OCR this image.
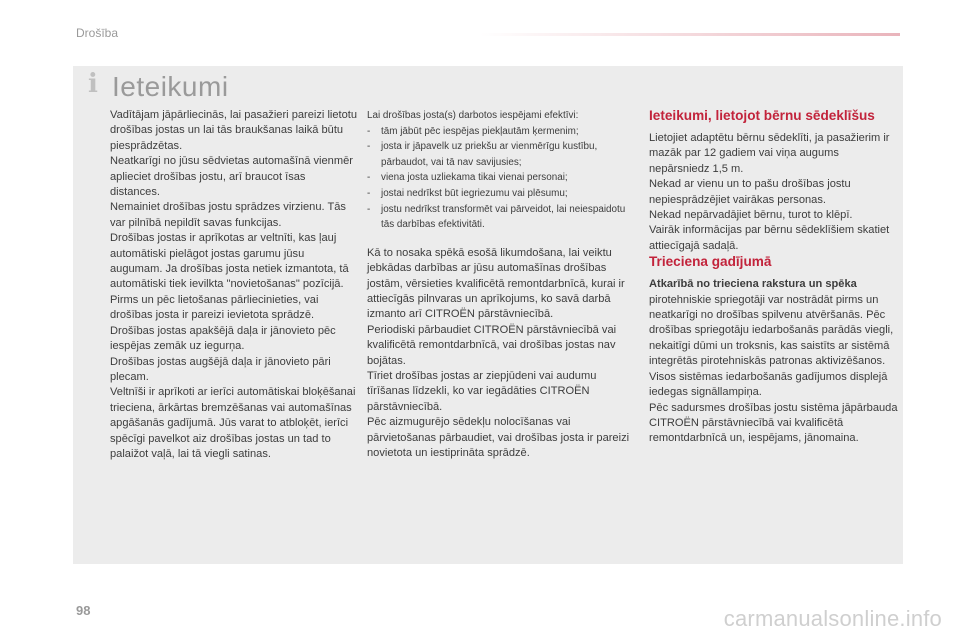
Drošība
i Ieteikumi

Vadītājam jāpārliecinās, lai pasažieri pareizi lietotu drošības jostas un lai tās braukšanas laikā būtu piesprādzētas.
Neatkarīgi no jūsu sēdvietas automašīnā vienmēr aplieciet drošības jostu, arī braucot īsas distances.
Nemainiet drošības jostu sprādzes virzienu. Tās var pilnībā nepildīt savas funkcijas.
Drošības jostas ir aprīkotas ar veltnīti, kas ļauj automātiski pielāgot jostas garumu jūsu augumam. Ja drošības josta netiek izmantota, tā automātiski tiek ievilkta "novietošanas" pozīcijā.
Pirms un pēc lietošanas pārliecinieties, vai drošības josta ir pareizi ievietota sprādzē.
Drošības jostas apakšējā daļa ir jānovieto pēc iespējas zemāk uz iegurņa.
Drošības jostas augšējā daļa ir jānovieto pāri plecam.
Veltnīši ir aprīkoti ar ierīci automātiskai bloķēšanai trieciena, ārkārtas bremzēšanas vai automašīnas apgāšanās gadījumā. Jūs varat to atbloķēt, ierīci spēcīgi pavelkot aiz drošības jostas un tad to palaižot vaļā, lai tā viegli satinas.

Lai drošības josta(s) darbotos iespējami efektīvi:

- tām jābūt pēc iespējas piekļautām ķermenim;
- josta ir jāpavelk uz priekšu ar vienmērīgu kustību, pārbaudot, vai tā nav savijusies;
- viena josta uzliekama tikai vienai personai;
- jostai nedrīkst būt iegriezumu vai plēsumu;
- jostu nedrīkst transformēt vai pārveidot, lai neiespaidotu tās darbības efektivitāti.

Kā to nosaka spēkā esošā likumdošana, lai veiktu jebkādas darbības ar jūsu automašīnas drošības jostām, vērsieties kvalificētā remontdarbnīcā, kurai ir attiecīgās pilnvaras un aprīkojums, ko savā darbā izmanto arī CITROËN pārstāvniecībā.
Periodiski pārbaudiet CITROËN pārstāvniecībā vai kvalificētā remontdarbnīcā, vai drošības jostas nav bojātas.
Tīriet drošības jostas ar ziepjūdeni vai audumu tīrīšanas līdzekli, ko var iegādāties CITROËN pārstāvniecībā.
Pēc aizmugurējo sēdekļu nolocīšanas vai pārvietošanas pārbaudiet, vai drošības josta ir pareizi novietota un iestiprināta sprādzē.

Ieteikumi, lietojot bērnu sēdeklīšus

Lietojiet adaptētu bērnu sēdeklīti, ja pasažierim ir mazāk par 12 gadiem vai viņa augums nepārsniedz 1,5 m.
Nekad ar vienu un to pašu drošības jostu nepiesprādzējiet vairākas personas.
Nekad nepārvadājiet bērnu, turot to klēpī.
Vairāk informācijas par bērnu sēdeklīšiem skatiet attiecīgajā sadaļā.

Trieciena gadījumā

Atkarībā no trieciena rakstura un spēka
pirotehniskie spriegotāji var nostrādāt pirms un neatkarīgi no drošības spilvenu atvēršanās. Pēc drošības spriegotāju iedarbošanās parādās viegli, nekaitīgi dūmi un troksnis, kas saistīts ar sistēmā integrētās pirotehniskās patronas aktivizēšanos.
Visos sistēmas iedarbošanās gadījumos displejā iedegas signāllampiņa.
Pēc sadursmes drošības jostu sistēma jāpārbauda CITROËN pārstāvniecībā vai kvalificētā remontdarbnīcā un, iespējams, jānomaina.

98	carmanualsonline.info
